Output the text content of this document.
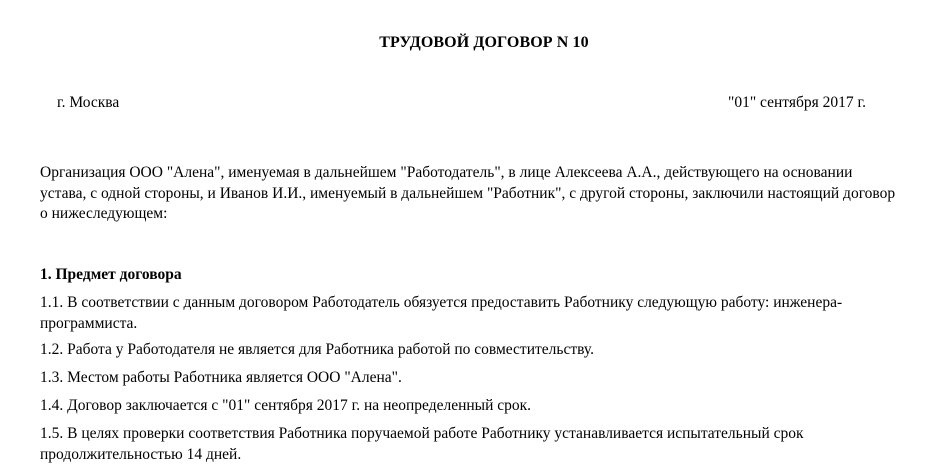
ТРУДОВОЙ ДОГОВОР N 10
г. Москва	"01" сентября 2017 г.
Организация ООО "Алена", именуемая в дальнейшем "Работодатель", в лице Алексеева А.А., действующего на основании
устава, с одной стороны, и Иванов И.И., именуемый в дальнейшем "Работник", с другой стороны, заключили настоящий договор
о нижеследующем:
1. Предмет договора
1.1. В соответствии с данным договором Работодатель обязуется предоставить Работнику следующую работу: инженера-
программиста.
1.2. Работа у Работодателя не является для Работника работой по совместительству.
1.3. Местом работы Работника является ООО "Алена".
1.4. Договор заключается с "01" сентября 2017 г. на неопределенный срок.
1.5. В целях проверки соответствия Работника поручаемой работе Работнику устанавливается испытательный срок
продолжительностью 14 дней.
